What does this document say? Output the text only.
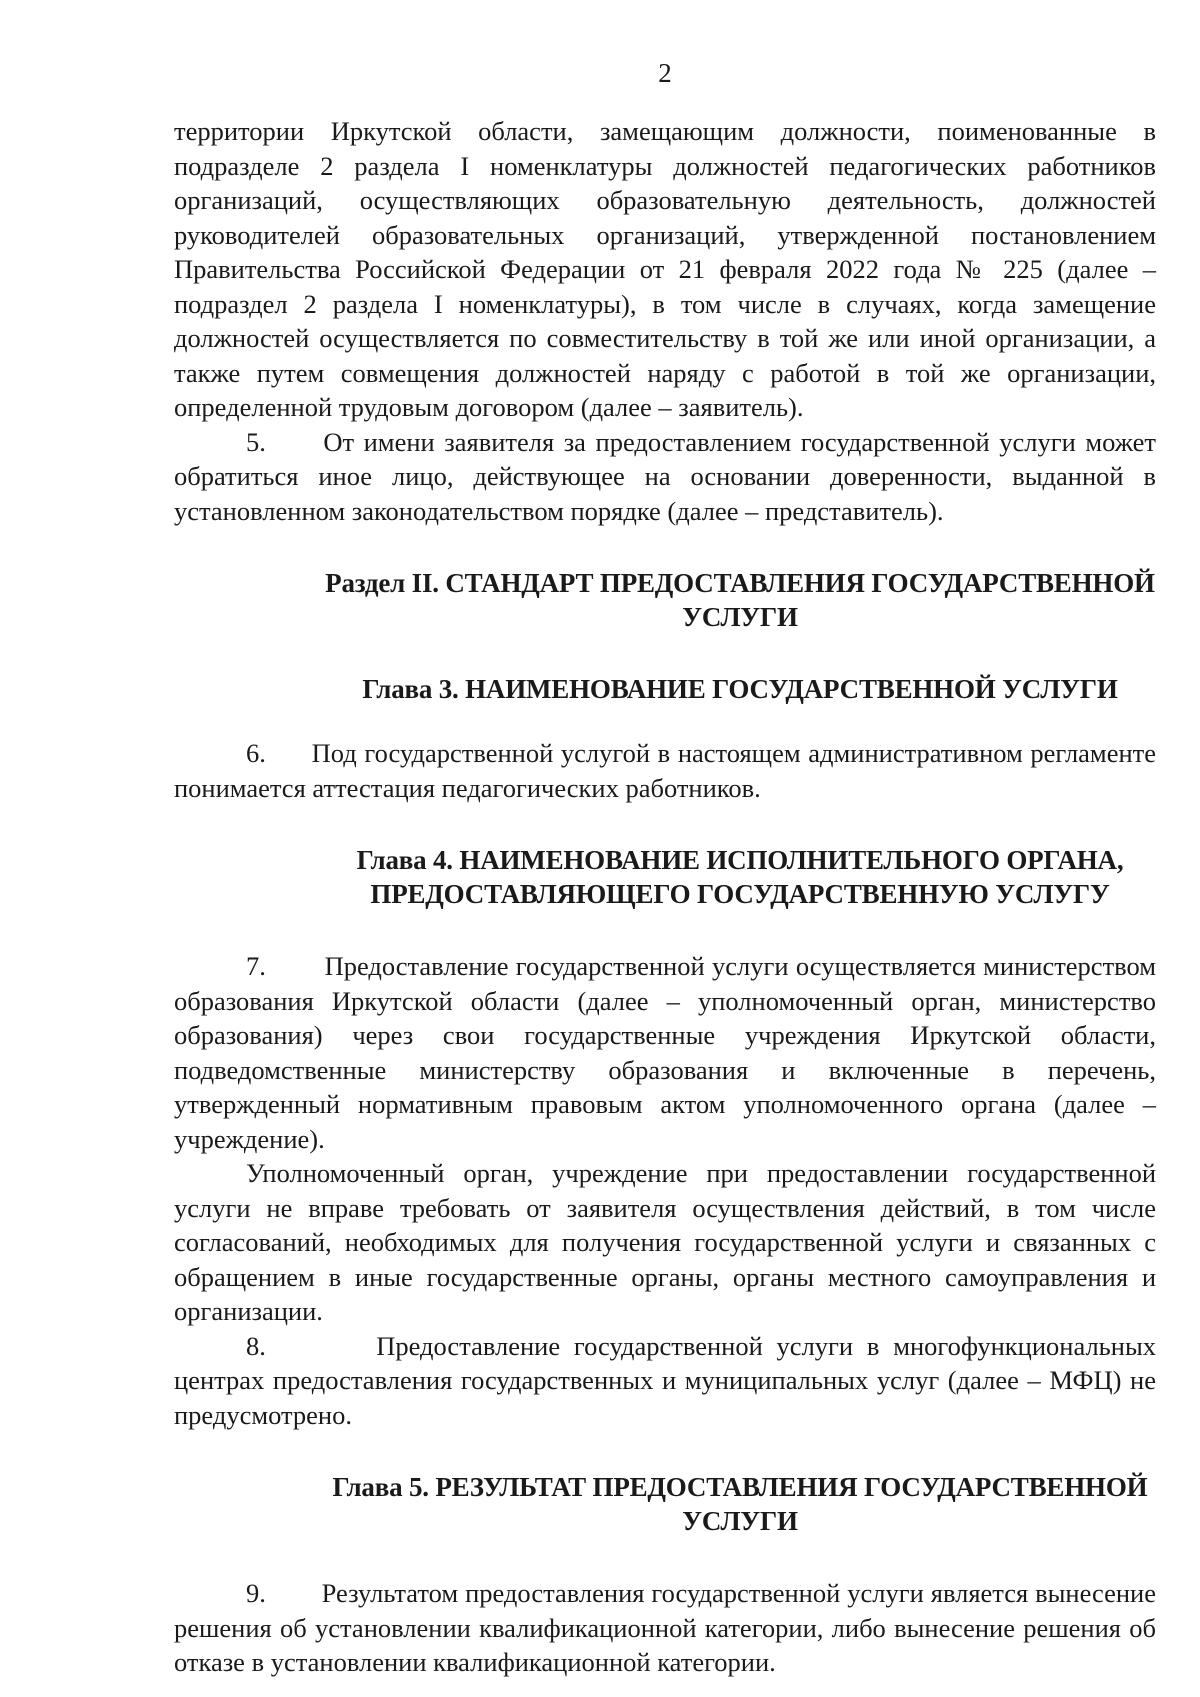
2

территории Иркутской области, замещающим должности, поименованные в подразделе 2 раздела I номенклатуры должностей педагогических работников организаций, осуществляющих образовательную деятельность, должностей руководителей образовательных организаций, утвержденной постановлением Правительства Российской Федерации от 21 февраля 2022 года № 225 (далее – подраздел 2 раздела I номенклатуры), в том числе в случаях, когда замещение должностей осуществляется по совместительству в той же или иной организации, а также путем совмещения должностей наряду с работой в той же организации, определенной трудовым договором (далее – заявитель).

5. От имени заявителя за предоставлением государственной услуги может обратиться иное лицо, действующее на основании доверенности, выданной в установленном законодательством порядке (далее – представитель).

Раздел II. СТАНДАРТ ПРЕДОСТАВЛЕНИЯ ГОСУДАРСТВЕННОЙ
УСЛУГИ
Глава 3. НАИМЕНОВАНИЕ ГОСУДАРСТВЕННОЙ УСЛУГИ

6. Под государственной услугой в настоящем административном регламенте понимается аттестация педагогических работников.

Глава 4. НАИМЕНОВАНИЕ ИСПОЛНИТЕЛЬНОГО ОРГАНА,
ПРЕДОСТАВЛЯЮЩЕГО ГОСУДАРСТВЕННУЮ УСЛУГУ

7. Предоставление государственной услуги осуществляется министерством образования Иркутской области (далее – уполномоченный орган, министерство образования) через свои государственные учреждения Иркутской области, подведомственные министерству образования и включенные в перечень, утвержденный нормативным правовым актом уполномоченного органа (далее – учреждение).

Уполномоченный орган, учреждение при предоставлении государственной услуги не вправе требовать от заявителя осуществления действий, в том числе согласований, необходимых для получения государственной услуги и связанных с обращением в иные государственные органы, органы местного самоуправления и организации.

8.	Предоставление государственной услуги в многофункциональных центрах предоставления государственных и муниципальных услуг (далее – МФЦ) не предусмотрено.

Глава 5. РЕЗУЛЬТАТ ПРЕДОСТАВЛЕНИЯ ГОСУДАРСТВЕННОЙ
УСЛУГИ

9. Результатом предоставления государственной услуги является вынесение решения об установлении квалификационной категории, либо вынесение решения об отказе в установлении квалификационной категории.
